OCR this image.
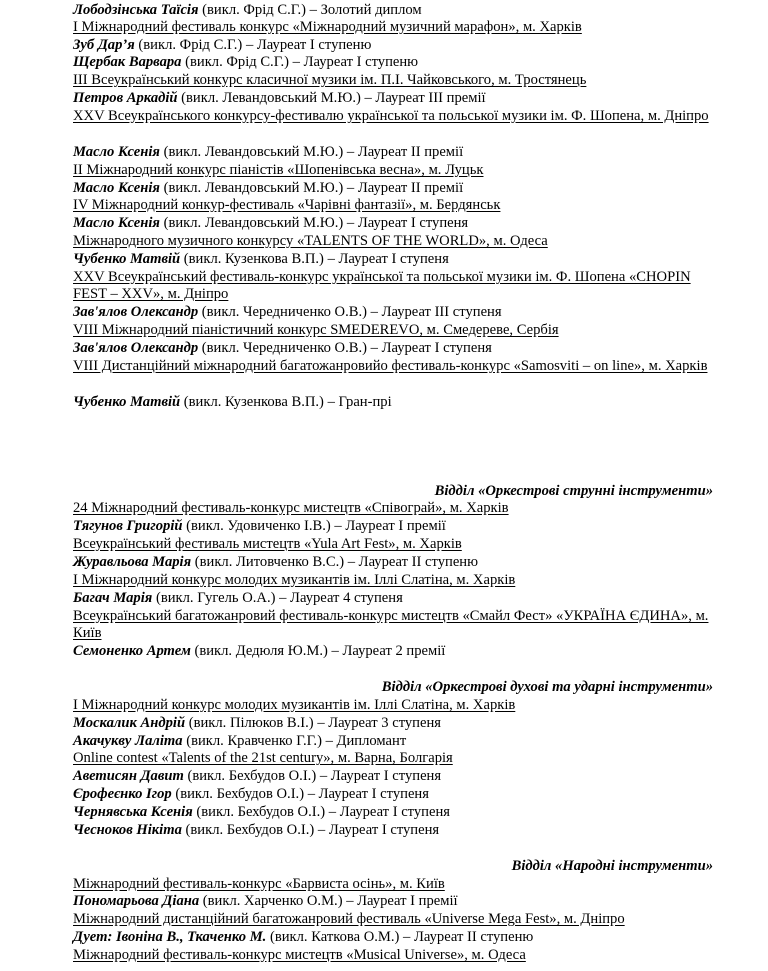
Лободзінська Таїсія (викл. Фрід С.Г.) – Золотий диплом
І Міжнародний фестиваль конкурс «Міжнародний музичний марафон», м. Харків
Зуб Дар’я (викл. Фрід С.Г.) – Лауреат І ступеню
Щербак Варвара (викл. Фрід С.Г.) – Лауреат І ступеню
ІІІ Всеукраїнський конкурс класичної музики ім. П.І. Чайковського, м. Тростянець
Петров Аркадій (викл. Левандовський М.Ю.) – Лауреат ІІІ премії
XXV Всеукраїнського конкурсу-фестивалю української та польської музики ім. Ф. Шопена, м. Дніпро
Масло Ксенія (викл. Левандовський М.Ю.) – Лауреат ІІ премії
ІІ Міжнародний конкурс піаністів «Шопенівська весна», м. Луцьк
Масло Ксенія (викл. Левандовський М.Ю.) – Лауреат ІІ премії
IV Міжнародний конкур-фестиваль «Чарівні фантазії», м. Бердянськ
Масло Ксенія (викл. Левандовський М.Ю.) – Лауреат І ступеня
Міжнародного музичного конкурсу «TALENTS OF THE WORLD», м. Одеса
Чубенко Матвій (викл. Кузенкова В.П.) – Лауреат І ступеня
XXV Всеукраїнський фестиваль-конкурс української та польської музики ім. Ф. Шопена «CHOPIN FEST – XXV», м. Дніпро
Зав'ялов Олександр (викл. Чередниченко О.В.) – Лауреат ІІІ ступеня
VIII Міжнародний піаністичний конкурс SMEDEREVO, м. Смедереве, Сербія
Зав'ялов Олександр (викл. Чередниченко О.В.) – Лауреат І ступеня
VIII Дистанційний міжнародний багатожанровийо фестиваль-конкурс «Samosviti – on line», м. Харків
Чубенко Матвій (викл. Кузенкова В.П.) – Гран-прі
Відділ «Оркестрові струнні інструменти»
24 Міжнародний фестиваль-конкурс мистецтв «Співограй», м. Харків
Тягунов Григорій (викл. Удовиченко І.В.) – Лауреат І премії
Всеукраїнський фестиваль мистецтв «Yula Art Fest», м. Харків
Журавльова Марія (викл. Литовченко В.С.) – Лауреат ІІ ступеню
І Міжнародний конкурс молодих музикантів ім. Іллі Слатіна, м. Харків
Багач Марія (викл. Гугель О.А.) – Лауреат 4 ступеня
Всеукраїнський багатожанровий фестиваль-конкурс мистецтв «Смайл Фест» «УКРАЇНА ЄДИНА», м. Київ
Семоненко Артем (викл. Дедюля Ю.М.) – Лауреат 2 премії
Відділ «Оркестрові духові та ударні інструменти»
І Міжнародний конкурс молодих музикантів ім. Іллі Слатіна, м. Харків
Москалик Андрій (викл. Пілюков В.І.) – Лауреат 3 ступеня
Акачукву Лаліта (викл. Кравченко Г.Г.) – Дипломант
Online contest «Talents of the 21st century», м. Варна, Болгарія
Аветисян Давит (викл. Бехбудов О.І.) – Лауреат І ступеня
Єрофеєнко Ігор (викл. Бехбудов О.І.) – Лауреат І ступеня
Чернявська Ксенія (викл. Бехбудов О.І.) – Лауреат І ступеня
Чесноков Нікіта (викл. Бехбудов О.І.) – Лауреат І ступеня
Відділ «Народні інструменти»
Міжнародний фестиваль-конкурс «Барвиста осінь», м. Київ
Пономарьова Діана (викл. Харченко О.М.) – Лауреат І премії
Міжнародний дистанційний багатожанровий фестиваль «Universe Mega Fest», м. Дніпро
Дует: Івоніна В., Ткаченко М. (викл. Каткова О.М.) – Лауреат ІІ ступеню
Міжнародний фестиваль-конкурс мистецтв «Musical Universe», м. Одеса
